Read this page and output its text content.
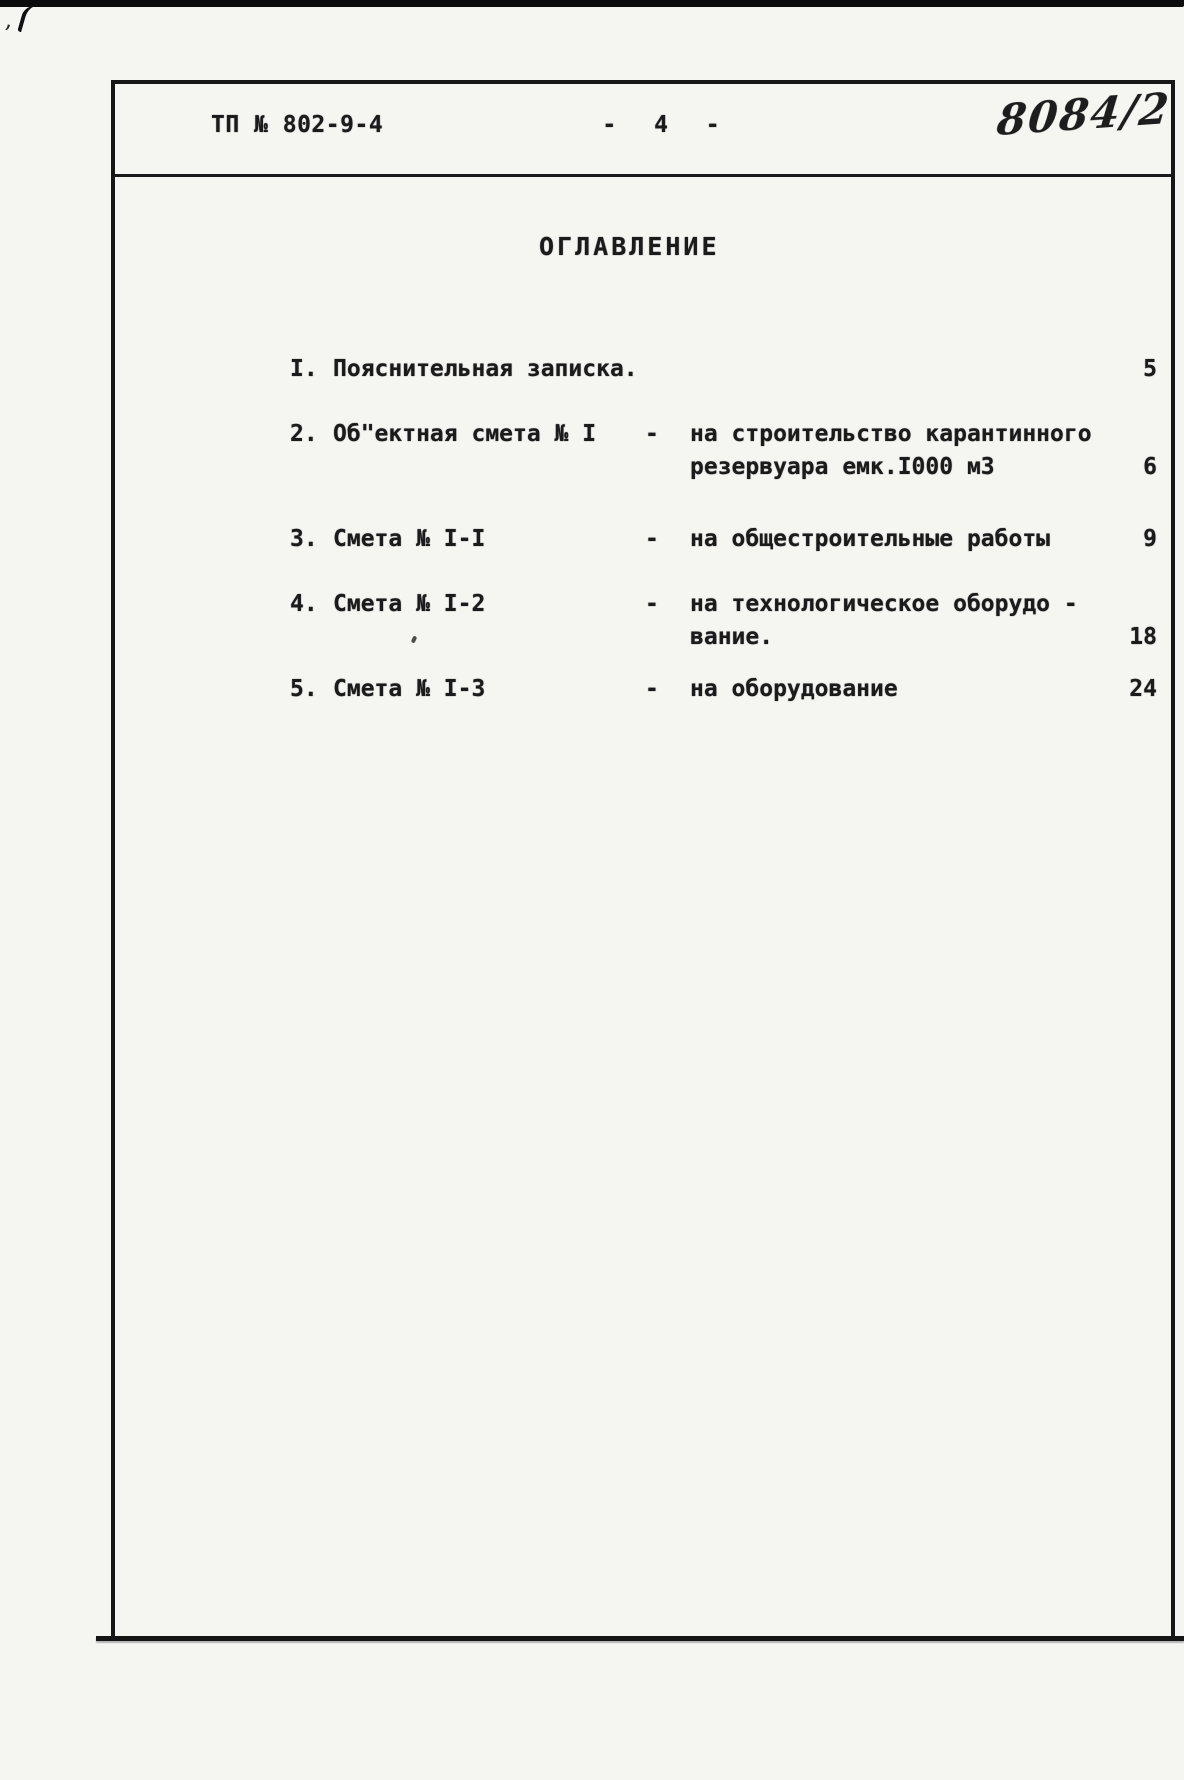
’
ТП № 802-9-4	- 4 -	8084/2
ОГЛАВЛЕНИЕ
I. Пояснительная записка.	5
2. Об"ектная смета № I	-	на строительство карантинного
резервуара емк.I000 м3	6
3. Смета № I-I	-	на общестроительные работы	9
4. Смета № I-2	-	на технологическое оборудо -
вание.	18
5. Смета № I-3	-	на оборудование	24
